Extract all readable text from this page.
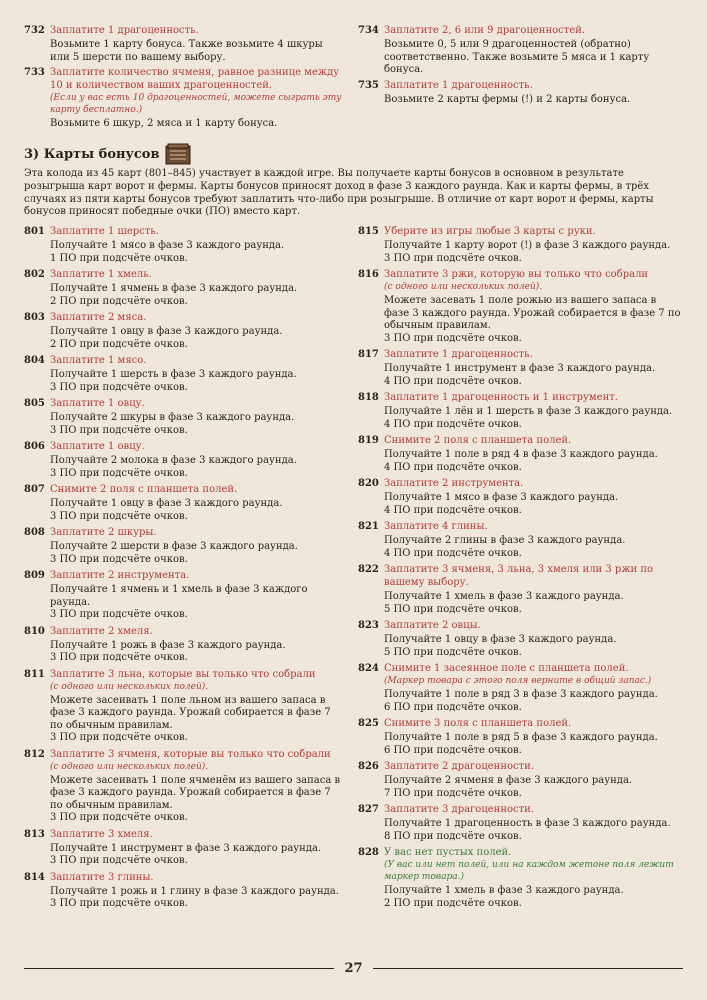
732 Заплатите 1 драгоценность.
Возьмите 1 карту бонуса. Также возьмите 4 шкуры или 5 шерсти по вашему выбору.
733 Заплатите количество ячменя, равное разнице между 10 и количеством ваших драгоценностей.
(Если у вас есть 10 драгоценностей, можете сыграть эту карту бесплатно.)
Возьмите 6 шкур, 2 мяса и 1 карту бонуса.
734 Заплатите 2, 6 или 9 драгоценностей.
Возьмите 0, 5 или 9 драгоценностей (обратно) соответственно. Также возьмите 5 мяса и 1 карту бонуса.
735 Заплатите 1 драгоценность.
Возьмите 2 карты фермы (!) и 2 карты бонуса.
3) Карты бонусов
Эта колода из 45 карт (801–845) участвует в каждой игре. Вы получаете карты бонусов в основном в результате розыгрыша карт ворот и фермы. Карты бонусов приносят доход в фазе 3 каждого раунда. Как и карты фермы, в трёх случаях из пяти карты бонусов требуют заплатить что-либо при розыгрыше. В отличие от карт ворот и фермы, карты бонусов приносят победные очки (ПО) вместо карт.
801 Заплатите 1 шерсть.
Получайте 1 мясо в фазе 3 каждого раунда.
1 ПО при подсчёте очков.
802 Заплатите 1 хмель.
Получайте 1 ячмень в фазе 3 каждого раунда.
2 ПО при подсчёте очков.
803 Заплатите 2 мяса.
Получайте 1 овцу в фазе 3 каждого раунда.
2 ПО при подсчёте очков.
804 Заплатите 1 мясо.
Получайте 1 шерсть в фазе 3 каждого раунда.
3 ПО при подсчёте очков.
805 Заплатите 1 овцу.
Получайте 2 шкуры в фазе 3 каждого раунда.
3 ПО при подсчёте очков.
806 Заплатите 1 овцу.
Получайте 2 молока в фазе 3 каждого раунда.
3 ПО при подсчёте очков.
807 Снимите 2 поля с планшета полей.
Получайте 1 овцу в фазе 3 каждого раунда.
3 ПО при подсчёте очков.
808 Заплатите 2 шкуры.
Получайте 2 шерсти в фазе 3 каждого раунда.
3 ПО при подсчёте очков.
809 Заплатите 2 инструмента.
Получайте 1 ячмень и 1 хмель в фазе 3 каждого раунда.
3 ПО при подсчёте очков.
810 Заплатите 2 хмеля.
Получайте 1 рожь в фазе 3 каждого раунда.
3 ПО при подсчёте очков.
811 Заплатите 3 льна, которые вы только что собрали
(с одного или нескольких полей).
Можете засеивать 1 поле льном из вашего запаса в фазе 3 каждого раунда. Урожай собирается в фазе 7 по обычным правилам.
3 ПО при подсчёте очков.
812 Заплатите 3 ячменя, которые вы только что собрали
(с одного или нескольких полей).
Можете засеивать 1 поле ячменём из вашего запаса в фазе 3 каждого раунда. Урожай собирается в фазе 7 по обычным правилам.
3 ПО при подсчёте очков.
813 Заплатите 3 хмеля.
Получайте 1 инструмент в фазе 3 каждого раунда.
3 ПО при подсчёте очков.
814 Заплатите 3 глины.
Получайте 1 рожь и 1 глину в фазе 3 каждого раунда.
3 ПО при подсчёте очков.
815 Уберите из игры любые 3 карты с руки.
Получайте 1 карту ворот (!) в фазе 3 каждого раунда.
3 ПО при подсчёте очков.
816 Заплатите 3 ржи, которую вы только что собрали
(с одного или нескольких полей).
Можете засевать 1 поле рожью из вашего запаса в фазе 3 каждого раунда. Урожай собирается в фазе 7 по обычным правилам.
3 ПО при подсчёте очков.
817 Заплатите 1 драгоценность.
Получайте 1 инструмент в фазе 3 каждого раунда.
4 ПО при подсчёте очков.
818 Заплатите 1 драгоценность и 1 инструмент.
Получайте 1 лён и 1 шерсть в фазе 3 каждого раунда.
4 ПО при подсчёте очков.
819 Снимите 2 поля с планшета полей.
Получайте 1 поле в ряд 4 в фазе 3 каждого раунда.
4 ПО при подсчёте очков.
820 Заплатите 2 инструмента.
Получайте 1 мясо в фазе 3 каждого раунда.
4 ПО при подсчёте очков.
821 Заплатите 4 глины.
Получайте 2 глины в фазе 3 каждого раунда.
4 ПО при подсчёте очков.
822 Заплатите 3 ячменя, 3 льна, 3 хмеля или 3 ржи по вашему выбору.
Получайте 1 хмель в фазе 3 каждого раунда.
5 ПО при подсчёте очков.
823 Заплатите 2 овцы.
Получайте 1 овцу в фазе 3 каждого раунда.
5 ПО при подсчёте очков.
824 Снимите 1 засеянное поле с планшета полей.
(Маркер товара с этого поля верните в общий запас.)
Получайте 1 поле в ряд 3 в фазе 3 каждого раунда.
6 ПО при подсчёте очков.
825 Снимите 3 поля с планшета полей.
Получайте 1 поле в ряд 5 в фазе 3 каждого раунда.
6 ПО при подсчёте очков.
826 Заплатите 2 драгоценности.
Получайте 2 ячменя в фазе 3 каждого раунда.
7 ПО при подсчёте очков.
827 Заплатите 3 драгоценности.
Получайте 1 драгоценность в фазе 3 каждого раунда.
8 ПО при подсчёте очков.
828 У вас нет пустых полей.
(У вас или нет полей, или на каждом жетоне поля лежит маркер товара.)
Получайте 1 хмель в фазе 3 каждого раунда.
2 ПО при подсчёте очков.
27
